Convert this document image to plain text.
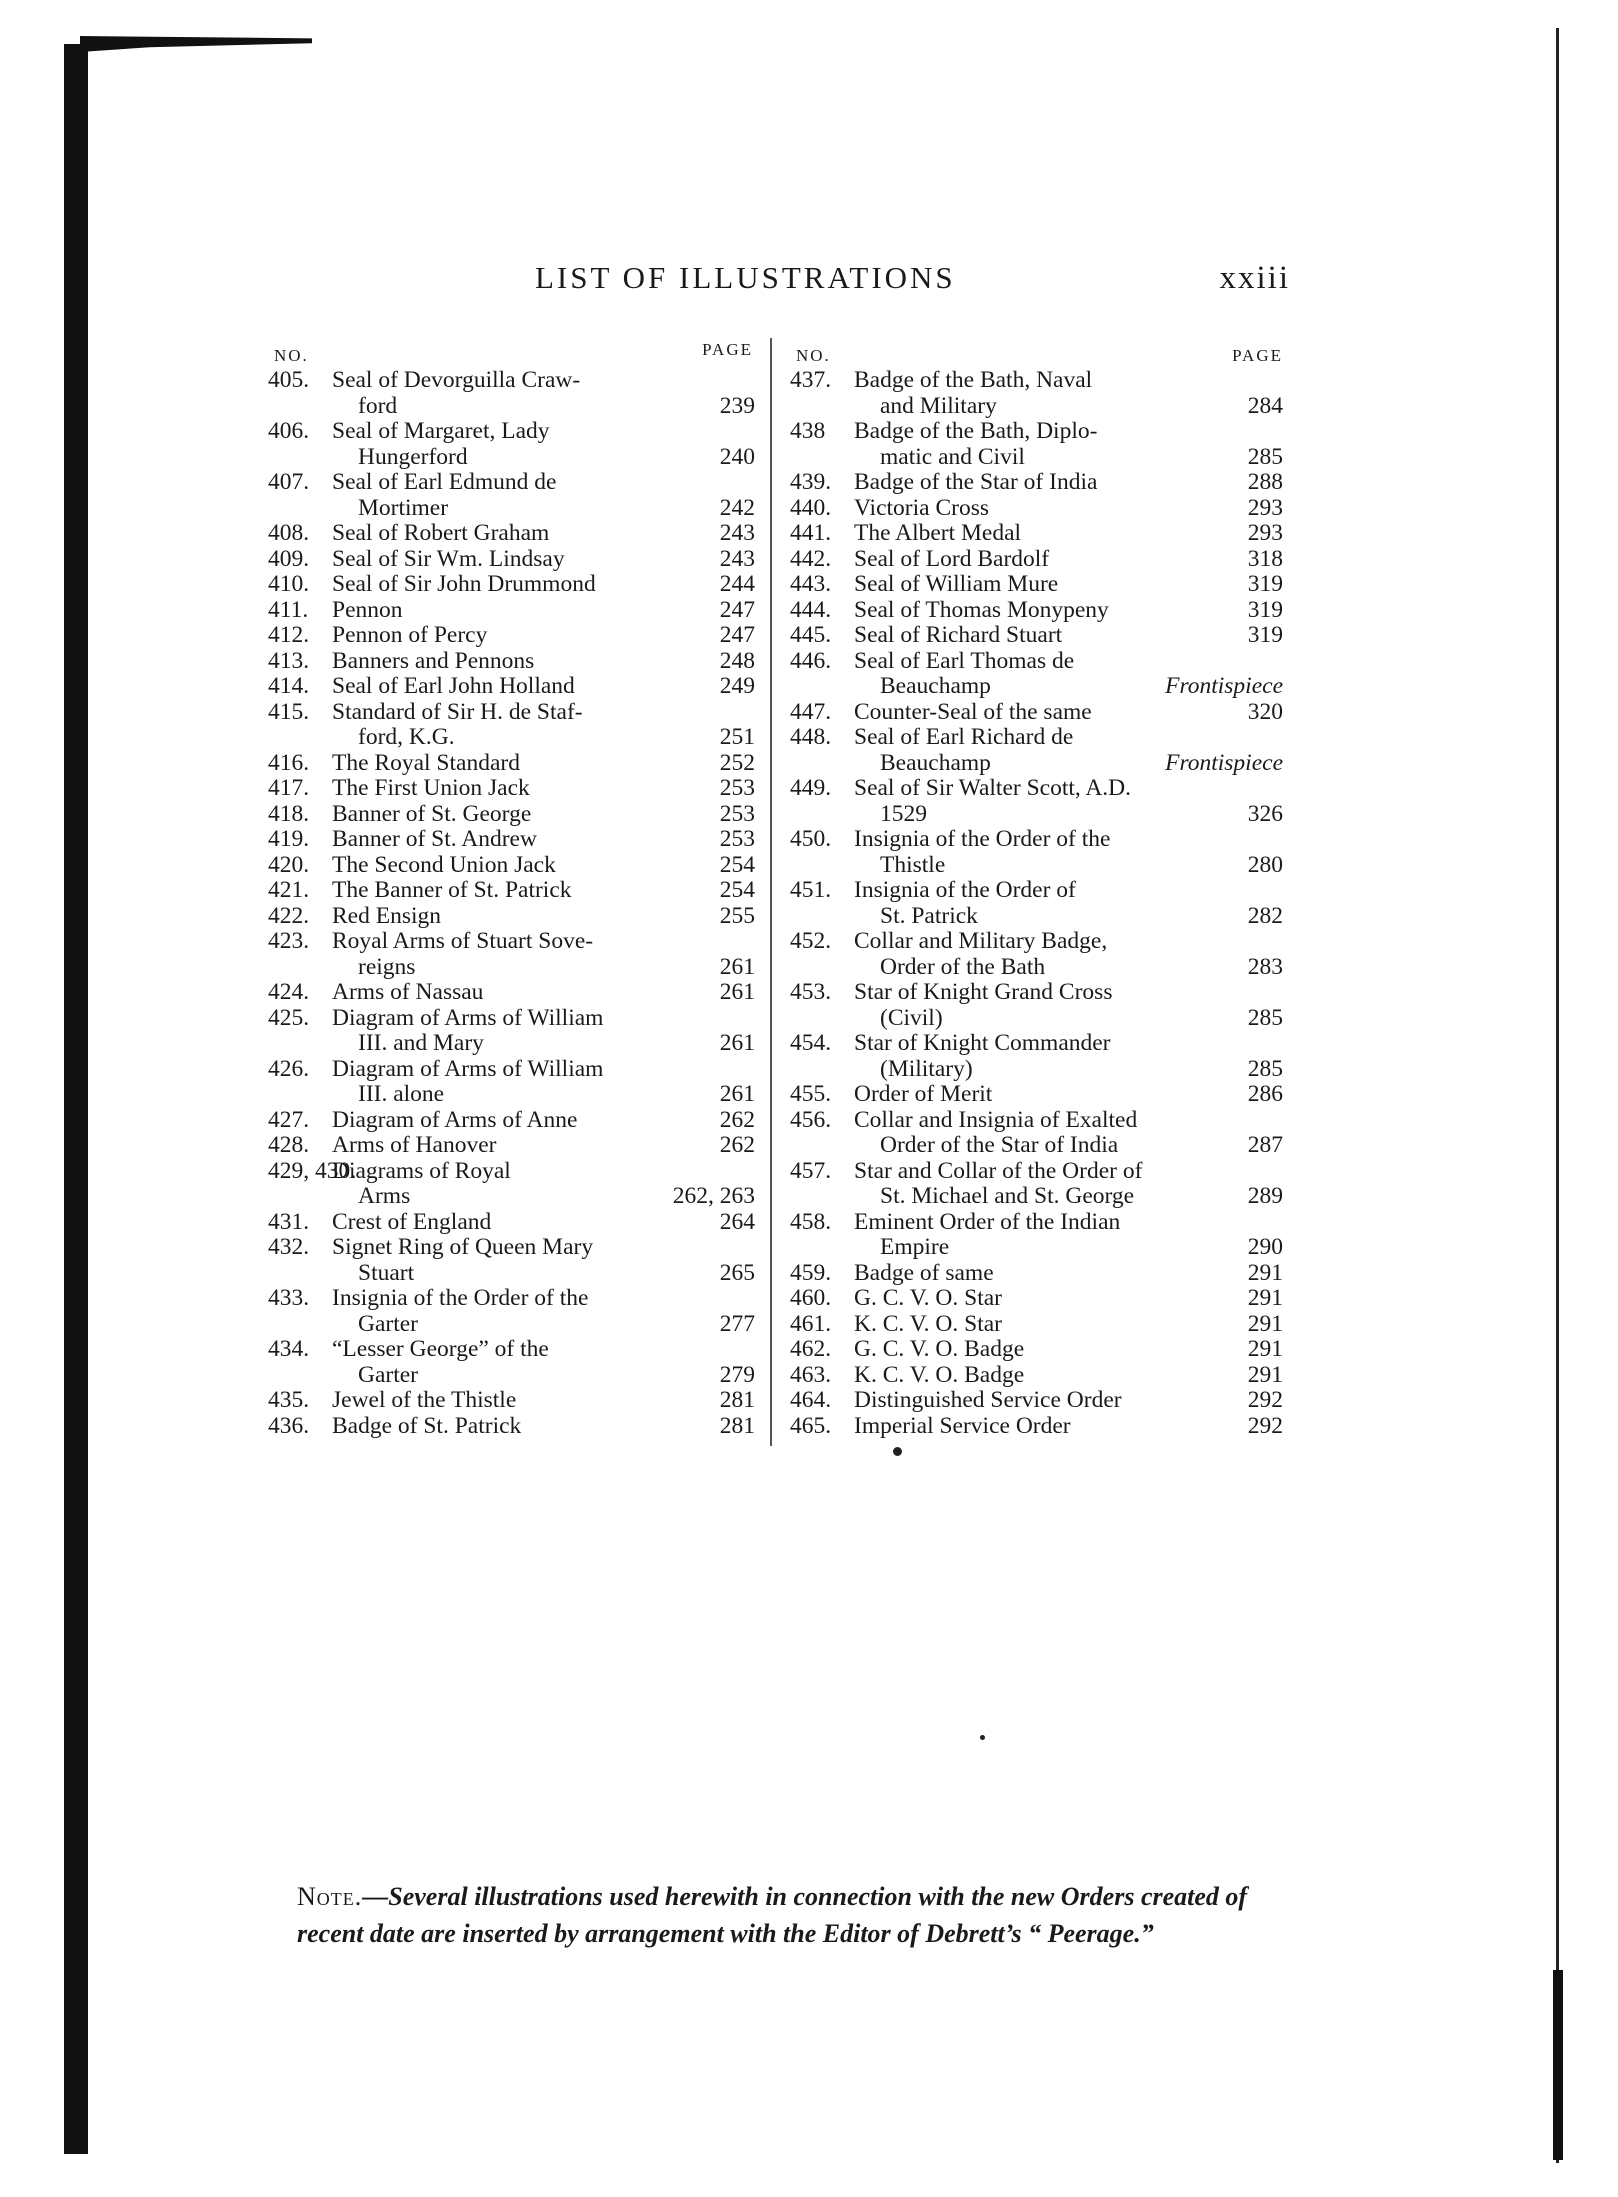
LIST OF ILLUSTRATIONS	xxiii
NO.	PAGE
405. Seal of Devorguilla Craw-
ford	239
406. Seal of Margaret, Lady
Hungerford	240
407. Seal of Earl Edmund de
Mortimer	242
408. Seal of Robert Graham	243
409. Seal of Sir Wm. Lindsay	243
410. Seal of Sir John Drummond	244
411.	Pennon	247
412. Pennon of Percy	247
413. Banners and Pennons	248
414. Seal of Earl John Holland	249
415. Standard of Sir H. de Staf-
ford, K.G.	251
416. The Royal Standard	252
417. The First Union Jack	253
418. Banner of St. George	253
419. Banner of St. Andrew	253
420. The Second Union Jack	254
421. The Banner of St. Patrick	254
422. Red Ensign	255
423. Royal Arms of Stuart Sove-
reigns	261
424. Arms of Nassau	261
425. Diagram of Arms of William
III. and Mary	261
426. Diagram of Arms of William
III. alone	261
427. Diagram of Arms of Anne	262
428. Arms of Hanover	262
429, 430.
Diagrams of Royal
Arms	262, 263
431. Crest of England	264
432. Signet Ring of Queen Mary
Stuart	265
433. Insignia of the Order of the
Garter	277
434. “Lesser George” of the
Garter	279
435. Jewel of the Thistle	281
436. Badge of St. Patrick	281
NO.	PAGE
437. Badge of the Bath, Naval
and Military	284
438	Badge of the Bath, Diplo-
matic and Civil	285
439. Badge of the Star of India	288
440. Victoria Cross	293
441. The Albert Medal	293
442. Seal of Lord Bardolf	318
443. Seal of William Mure	319
444. Seal of Thomas Monypeny	319
445. Seal of Richard Stuart	319
446. Seal of Earl Thomas de
Beauchamp	Frontispiece
447. Counter-Seal of the same	320
448. Seal of Earl Richard de
Beauchamp	Frontispiece
449. Seal of Sir Walter Scott, A.D.
1529	326
450. Insignia of the Order of the
Thistle	280
451. Insignia of the Order of
St. Patrick	282
452. Collar and Military Badge,
Order of the Bath	283
453. Star of Knight Grand Cross
(Civil)	285
454. Star of Knight Commander
(Military)	285
455. Order of Merit	286
456. Collar and Insignia of Exalted
Order of the Star of India	287
457. Star and Collar of the Order of
St. Michael and St. George	289
458. Eminent Order of the Indian
Empire	290
459. Badge of same	291
460. G. C. V. O. Star	291
461. K. C. V. O. Star	291
462. G. C. V. O. Badge	291
463. K. C. V. O. Badge	291
464. Distinguished Service Order	292
465. Imperial Service Order	292
Note.—Several illustrations used herewith in connection with the new Orders created of recent date are inserted by arrangement with the Editor of Debrett’s “ Peerage.”
